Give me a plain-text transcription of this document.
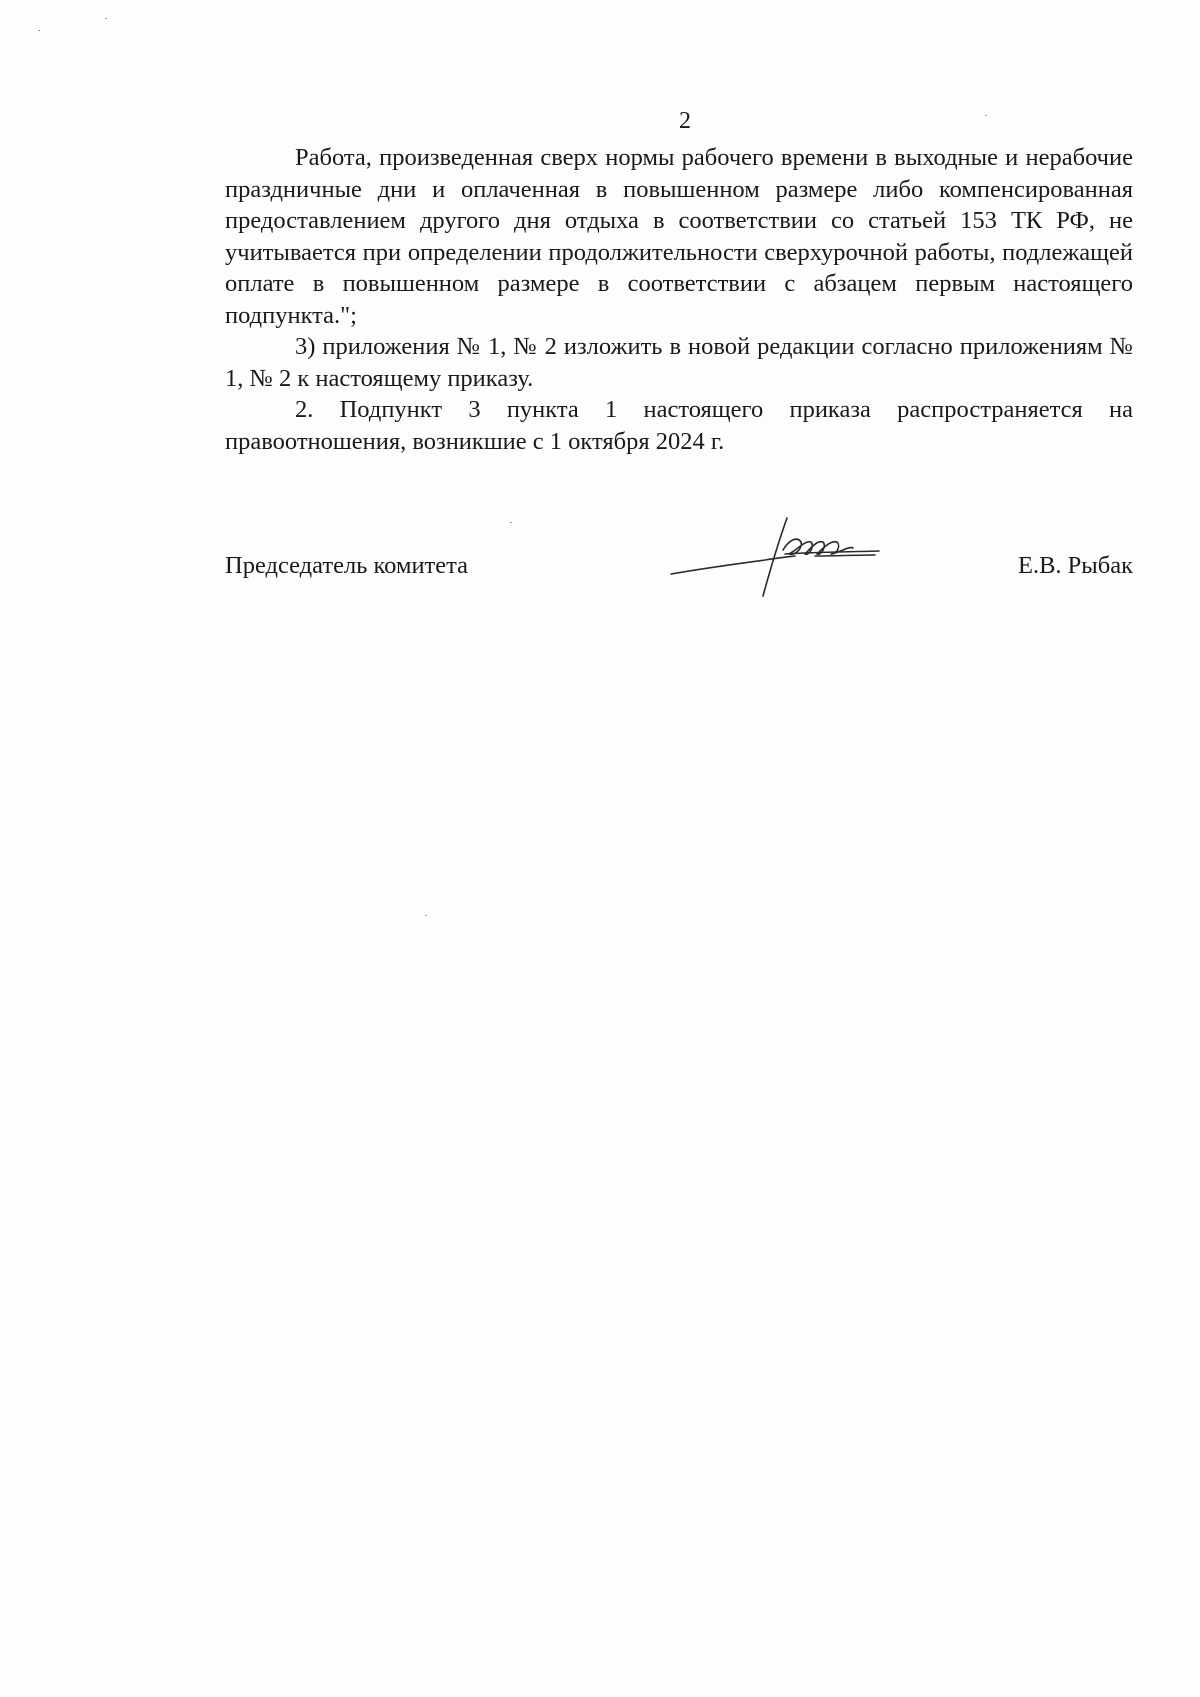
2

Работа, произведенная сверх нормы рабочего времени в выходные и нерабочие праздничные дни и оплаченная в повышенном размере либо компенсированная предоставлением другого дня отдыха в соответствии со статьей 153 ТК РФ, не учитывается при определении продолжительности сверхурочной работы, подлежащей оплате в повышенном размере в соответствии с абзацем первым настоящего подпункта.";

3) приложения № 1, № 2 изложить в новой редакции согласно приложениям № 1, № 2 к настоящему приказу.

2. Подпункт 3 пункта 1 настоящего приказа распространяется на правоотношения, возникшие с 1 октября 2024 г.

Председатель комитета	Е.В. Рыбак
